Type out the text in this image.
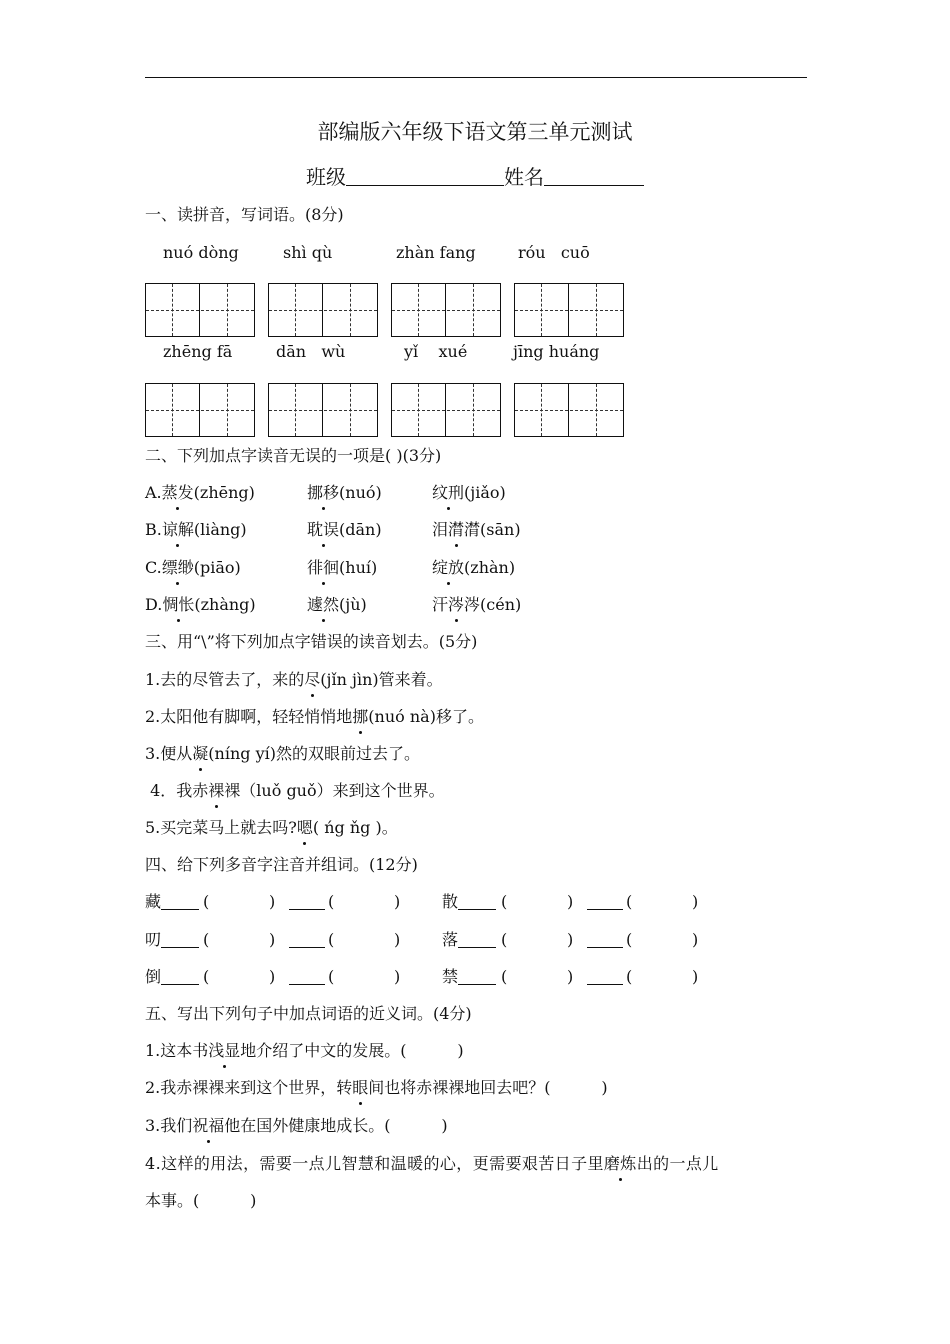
部编版六年级下语文第三单元测试
班级	姓名
一、读拼音，写词语。(8分)
nuó dòng	shì qù	zhàn fang	róu   cuō
zhēng fā	dān   wù	yǐ    xué	jīng huáng
二、下列加点字读音无误的一项是( )(3分)
A.蒸发(zhēng)	挪移(nuó)	纹刑(jiǎo)
B.谅解(liàng)	耽误(dān)	泪潸潸(sān)
C.缥缈(piāo)	徘徊(huí)	绽放(zhàn)
D.惆怅(zhàng)	遽然(jù)	汗涔涔(cén)
三、用“\”将下列加点字错误的读音划去。(5分)
1.去的尽管去了，来的尽(jǐn jìn)管来着。
2.太阳他有脚啊，轻轻悄悄地挪(nuó nà)移了。
3.便从凝(níng yí)然的双眼前过去了。
4．我赤裸裸（luǒ guǒ）来到这个世界。
5.买完菜马上就去吗?嗯( ńg ňg )。
四、给下列多音字注音并组词。(12分)
藏	(	)	(	)	散	(	)	(	)
叨	(	)	(	)	落	(	)	(	)
倒	(	)	(	)	禁	(	)	(	)
五、写出下列句子中加点词语的近义词。(4分)
1.这本书浅显地介绍了中文的发展。(          )
2.我赤裸裸来到这个世界，转眼间也将赤裸裸地回去吧？(          )
3.我们祝福他在国外健康地成长。(          )
4.这样的用法，需要一点儿智慧和温暖的心，更需要艰苦日子里磨炼出的一点儿
本事。(          )
